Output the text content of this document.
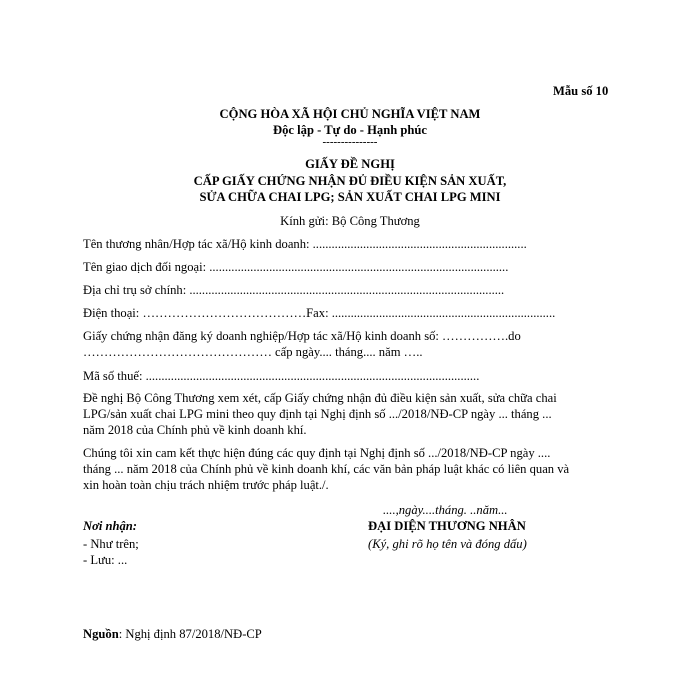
Mẫu số 10
CỘNG HÒA XÃ HỘI CHỦ NGHĨA VIỆT NAM
Độc lập - Tự do - Hạnh phúc
---------------
GIẤY ĐỀ NGHỊ
CẤP GIẤY CHỨNG NHẬN ĐỦ ĐIỀU KIỆN SẢN XUẤT,
SỬA CHỮA CHAI LPG; SẢN XUẤT CHAI LPG MINI
Kính gửi: Bộ Công Thương
Tên thương nhân/Hợp tác xã/Hộ kinh doanh: ....................................................................
Tên giao dịch đối ngoại: ...............................................................................................
Địa chỉ trụ sở chính: ....................................................................................................
Điện thoại: …………………………………Fax: .......................................................................
Giấy chứng nhận đăng ký doanh nghiệp/Hợp tác xã/Hộ kinh doanh số: …………….do
……………………………………… cấp ngày.... tháng.... năm …..
Mã số thuế: ..........................................................................................................
Đề nghị Bộ Công Thương xem xét, cấp Giấy chứng nhận đủ điều kiện sản xuất, sửa chữa chai
LPG/sản xuất chai LPG mini theo quy định tại Nghị định số .../2018/NĐ-CP ngày ... tháng ...
năm 2018 của Chính phủ về kinh doanh khí.
Chúng tôi xin cam kết thực hiện đúng các quy định tại Nghị định số .../2018/NĐ-CP ngày ....
tháng ... năm 2018 của Chính phủ về kinh doanh khí, các văn bản pháp luật khác có liên quan và
xin hoàn toàn chịu trách nhiệm trước pháp luật./.
....,ngày....tháng. ..năm...
Nơi nhận:
- Như trên;
- Lưu: ...
ĐẠI DIỆN THƯƠNG NHÂN
(Ký, ghi rõ họ tên và đóng dấu)
Nguồn: Nghị định 87/2018/NĐ-CP
